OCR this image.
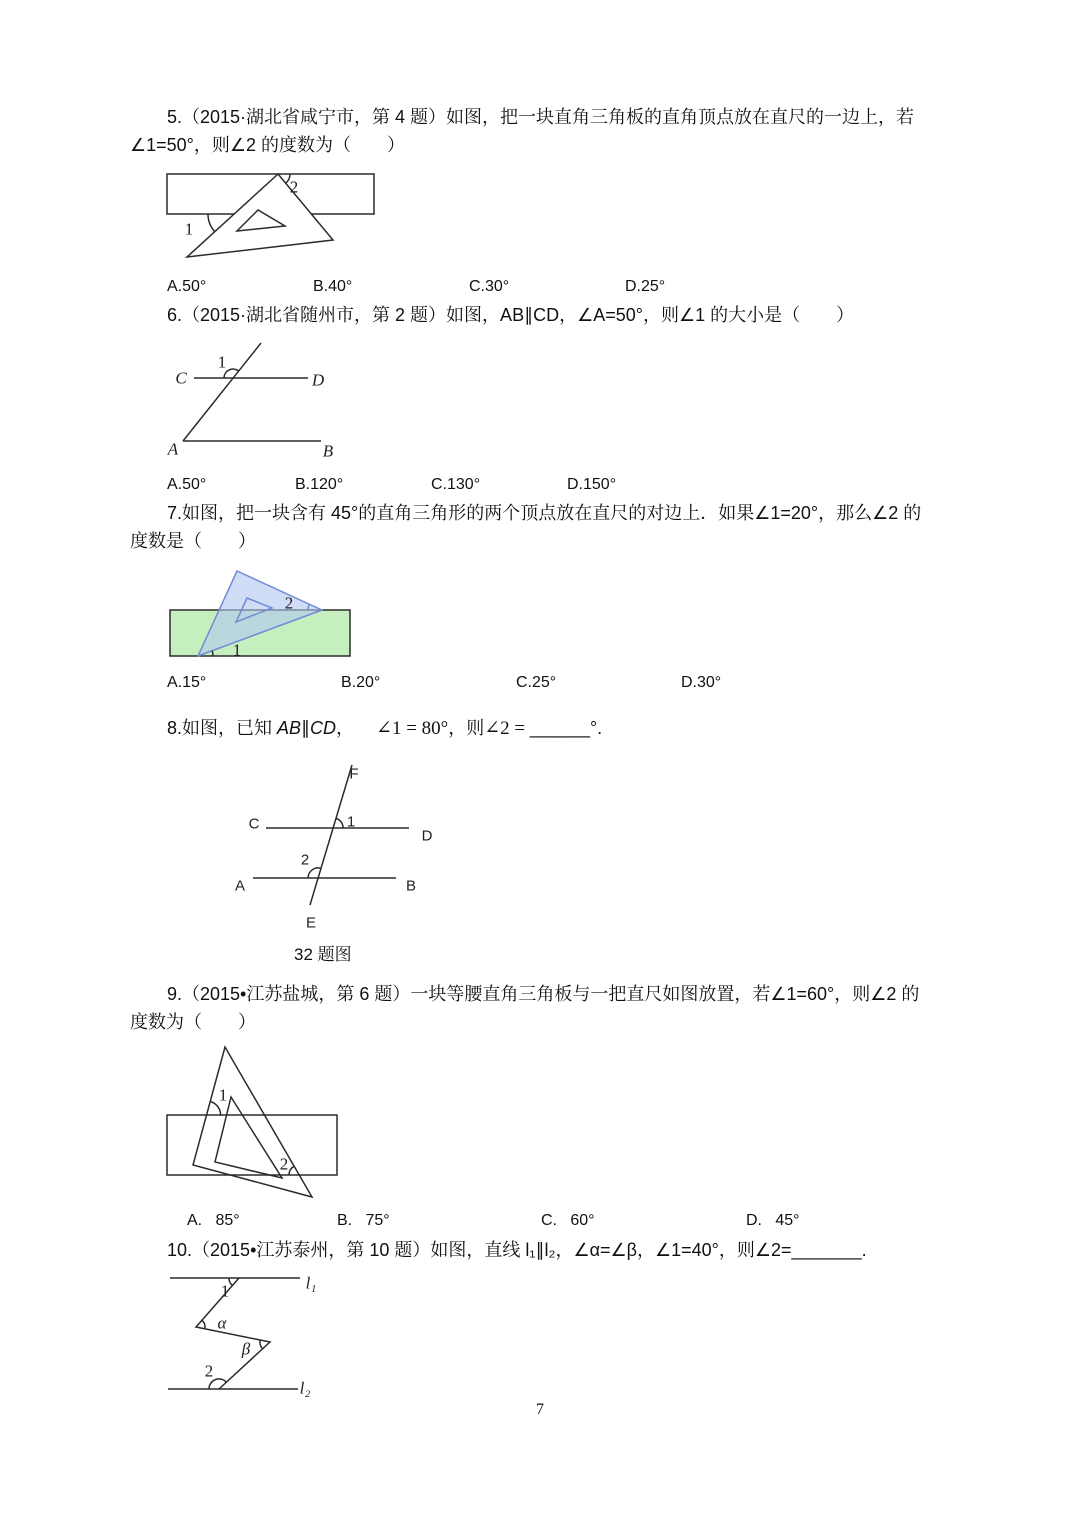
5.（2015·湖北省咸宁市，第 4 题）如图，把一块直角三角板的直角顶点放在直尺的一边上，若
∠1=50°，则∠2 的度数为（　　）
1
2
A.50°	B.40°	C.30°	D.25°
6.（2015·湖北省随州市，第 2 题）如图，AB∥CD，∠A=50°，则∠1 的大小是（　　）
C	D
A	B
1
A.50°	B.120°	C.130°	D.150°
7.如图，把一块含有 45°的直角三角形的两个顶点放在直尺的对边上．如果∠1=20°，那么∠2 的
度数是（　　）
2
1
A.15°	B.20°	C.25°	D.30°
8.如图，已知 AB∥CD， ∠1 = 80°，则∠2 = ______°.
F
C
D
1
2
A	B
E
32 题图
9.（2015•江苏盐城，第 6 题）一块等腰直角三角板与一把直尺如图放置，若∠1=60°，则∠2 的
度数为（　　）
1
2
A.   85°	B.   75°	C.   60°	D.   45°
10.（2015•江苏泰州，第 10 题）如图，直线 l₁∥l₂，∠α=∠β，∠1=40°，则∠2=_______.
1
α
β
2
l₁
l₂
7
